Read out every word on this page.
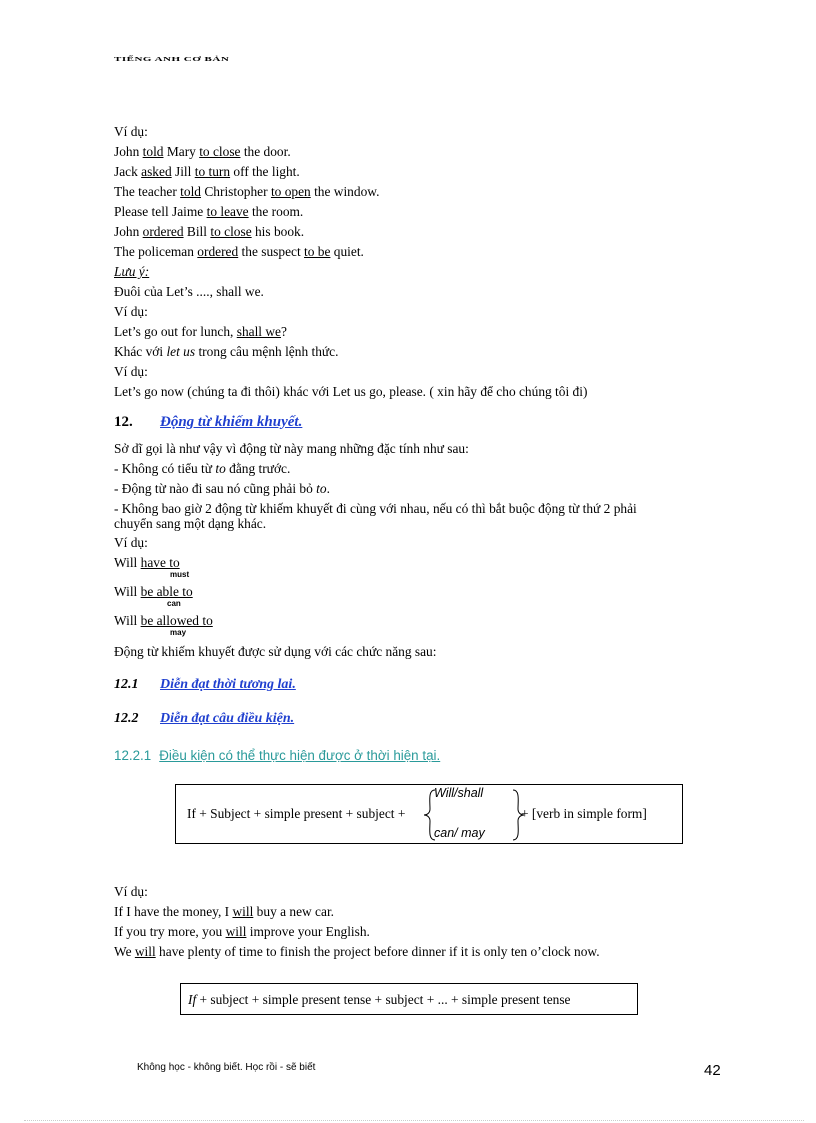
TIẾNG ANH CƠ BẢN
Ví dụ:
John told Mary to close the door.
Jack asked Jill to turn off the light.
The teacher told Christopher to open the window.
Please tell Jaime to leave the room.
John ordered Bill to close his book.
The policeman ordered the suspect to be quiet.
Lưu ý:
Đuôi của Let’s ...., shall we.
Ví dụ:
Let’s go out for lunch, shall we?
Khác với let us trong câu mệnh lệnh thức.
Ví dụ:
Let’s go now (chúng ta đi thôi) khác với Let us go, please. ( xin hãy để cho chúng tôi đi)
12. Động từ khiếm khuyết.
Sở dĩ gọi là như vậy vì động từ này mang những đặc tính như sau:
- Không có tiểu từ to đằng trước.
- Động từ nào đi sau nó cũng phải bỏ to.
- Không bao giờ 2 động từ khiếm khuyết đi cùng với nhau, nếu có thì bắt buộc động từ thứ 2 phải
chuyển sang một dạng khác.
Ví dụ:
Will have to
must
Will be able to
can
Will be allowed to
may
Động từ khiếm khuyết được sử dụng với các chức năng sau:
12.1 Diễn đạt thời tương lai.
12.2 Diễn đạt câu điều kiện.
12.2.1 Điều kiện có thể thực hiện được ở thời hiện tại.
If + Subject + simple present + subject +
Will/shall
can/ may
+ [verb in simple form]
Ví dụ:
If I have the money, I will buy a new car.
If you try more, you will improve your English.
We will have plenty of time to finish the project before dinner if it is only ten o’clock now.
If + subject + simple present tense + subject + ... + simple present tense
Không học - không biết. Học rồi - sẽ biết	42
